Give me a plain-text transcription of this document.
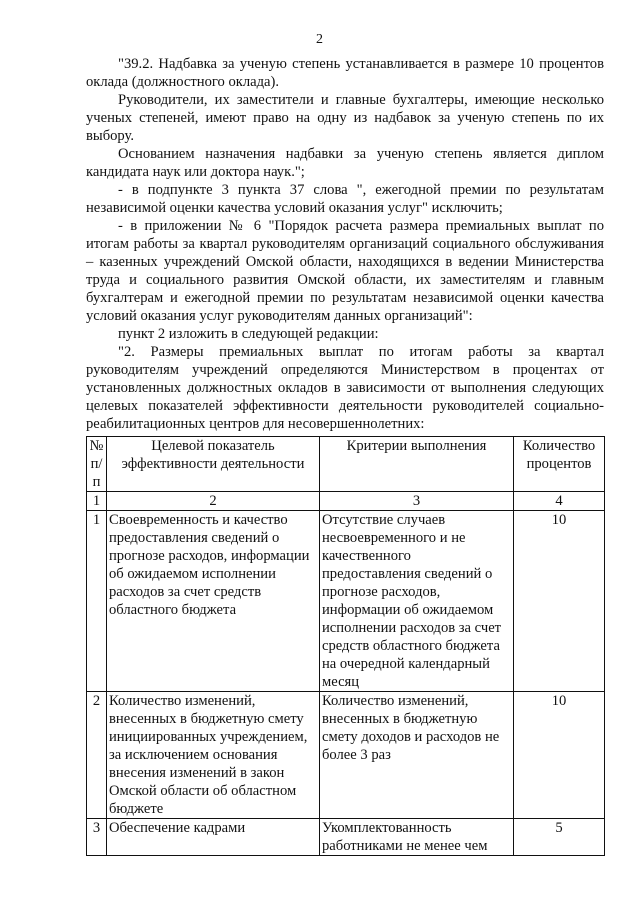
2

"39.2. Надбавка за ученую степень устанавливается в размере 10 процентов оклада (должностного оклада).

Руководители, их заместители и главные бухгалтеры, имеющие несколько ученых степеней, имеют право на одну из надбавок за ученую степень по их выбору.

Основанием назначения надбавки за ученую степень является диплом кандидата наук или доктора наук.";

- в подпункте 3 пункта 37 слова ", ежегодной премии по результатам независимой оценки качества условий оказания услуг" исключить;

- в приложении № 6 "Порядок расчета размера премиальных выплат по итогам работы за квартал руководителям организаций социального обслуживания – казенных учреждений Омской области, находящихся в ведении Министерства труда и социального развития Омской области, их заместителям и главным бухгалтерам и ежегодной премии по результатам независимой оценки качества условий оказания услуг руководителям данных организаций":

пункт 2 изложить в следующей редакции:

"2. Размеры премиальных выплат по итогам работы за квартал руководителям учреждений определяются Министерством в процентах от установленных должностных окладов в зависимости от выполнения следующих целевых показателей эффективности деятельности руководителей социально-реабилитационных центров для несовершеннолетних:

№ п/п	Целевой показатель эффективности деятельности	Критерии выполнения	Количество процентов
1	2	3	4
1	Своевременность и качество предоставления сведений о прогнозе расходов, информации об ожидаемом исполнении расходов за счет средств областного бюджета	Отсутствие случаев несвоевременного и не качественного предоставления сведений о прогнозе расходов, информации об ожидаемом исполнении расходов за счет средств областного бюджета на очередной календарный месяц	10
2	Количество изменений, внесенных в бюджетную смету инициированных учреждением, за исключением основания внесения изменений в закон Омской области об областном бюджете	Количество изменений, внесенных в бюджетную смету доходов и расходов не более 3 раз	10
3	Обеспечение кадрами	Укомплектованность работниками не менее чем	5
